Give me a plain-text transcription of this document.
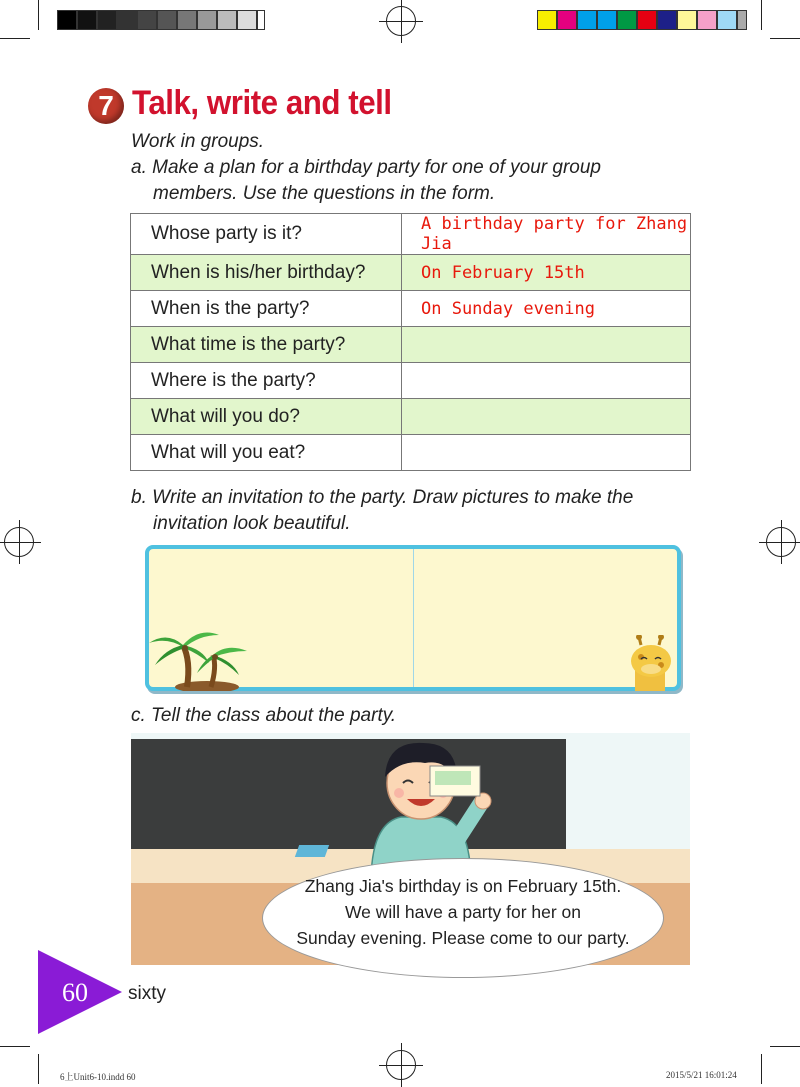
7 Talk, write and tell
Work in groups.
a. Make a plan for a birthday party for one of your group
members. Use the questions in the form.
Whose party is it?	A birthday party for Zhang Jia
When is his/her birthday?	On February 15th
When is the party?	On Sunday evening
What time is the party?	
Where is the party?	
What will you do?	
What will you eat?	
b. Write an invitation to the party. Draw pictures to make the
invitation look beautiful.
c. Tell the class about the party.
Zhang Jia's birthday is on February 15th.
We will have a party for her on
Sunday evening. Please come to our party.
60 sixty
6上Unit6-10.indd 60	2015/5/21 16:01:24
